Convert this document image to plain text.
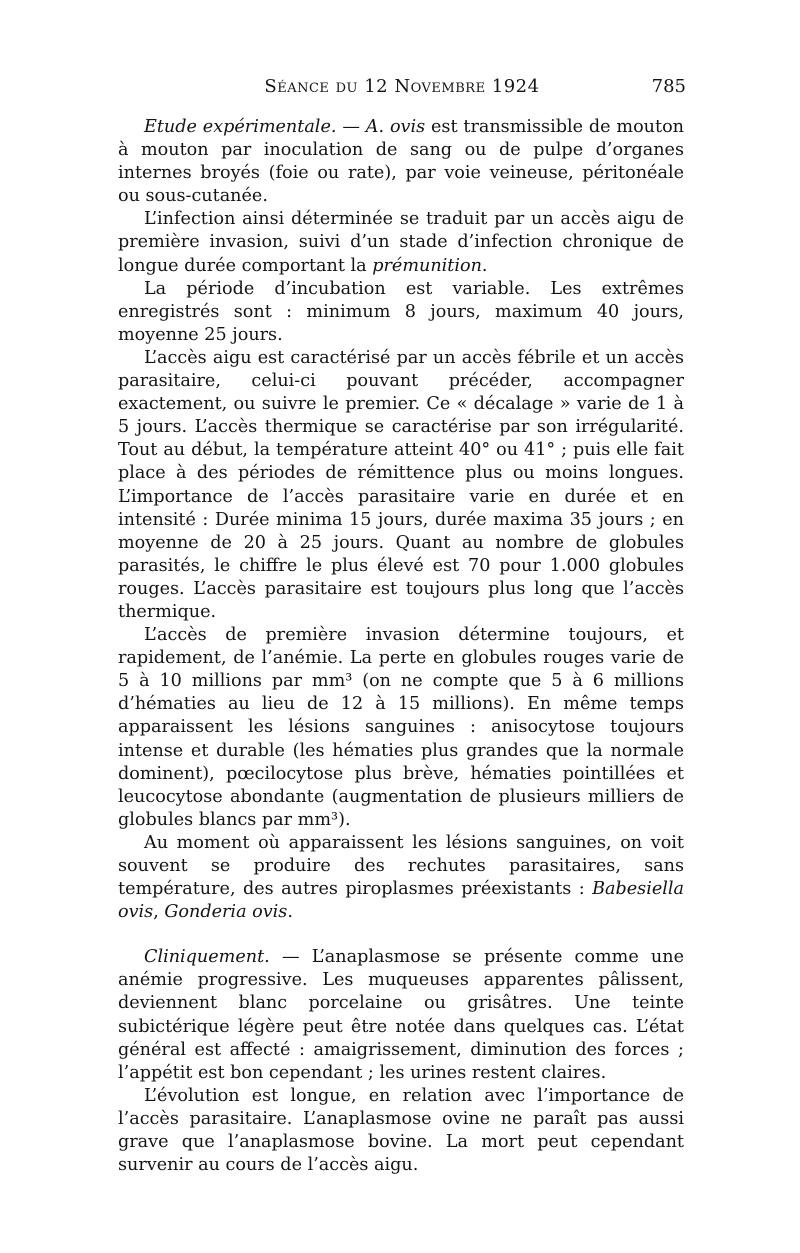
Séance du 12 Novembre 1924	785

Etude expérimentale. — A. ovis est transmissible de mouton à mouton par inoculation de sang ou de pulpe d’organes internes broyés (foie ou rate), par voie veineuse, péritonéale ou sous-cutanée.

L’infection ainsi déterminée se traduit par un accès aigu de première invasion, suivi d’un stade d’infection chronique de longue durée comportant la prémunition.

La période d’incubation est variable. Les extrêmes enregistrés sont : minimum 8 jours, maximum 40 jours, moyenne 25 jours.

L’accès aigu est caractérisé par un accès fébrile et un accès parasitaire, celui-ci pouvant précéder, accompagner exactement, ou suivre le premier. Ce « décalage » varie de 1 à 5 jours. L’accès thermique se caractérise par son irrégularité. Tout au début, la température atteint 40° ou 41° ; puis elle fait place à des périodes de rémittence plus ou moins longues. L’importance de l’accès parasitaire varie en durée et en intensité : Durée minima 15 jours, durée maxima 35 jours ; en moyenne de 20 à 25 jours. Quant au nombre de globules parasités, le chiffre le plus élevé est 70 pour 1.000 globules rouges. L’accès parasitaire est toujours plus long que l’accès thermique.

L’accès de première invasion détermine toujours, et rapidement, de l’anémie. La perte en globules rouges varie de 5 à 10 millions par mm³ (on ne compte que 5 à 6 millions d’hématies au lieu de 12 à 15 millions). En même temps apparaissent les lésions sanguines : anisocytose toujours intense et durable (les hématies plus grandes que la normale dominent), pœcilocytose plus brève, hématies pointillées et leucocytose abondante (augmentation de plusieurs milliers de globules blancs par mm³).

Au moment où apparaissent les lésions sanguines, on voit souvent se produire des rechutes parasitaires, sans température, des autres piroplasmes préexistants : Babesiella ovis, Gonderia ovis.

Cliniquement. — L’anaplasmose se présente comme une anémie progressive. Les muqueuses apparentes pâlissent, deviennent blanc porcelaine ou grisâtres. Une teinte subictérique légère peut être notée dans quelques cas. L’état général est affecté : amaigrissement, diminution des forces ; l’appétit est bon cependant ; les urines restent claires.

L’évolution est longue, en relation avec l’importance de l’accès parasitaire. L’anaplasmose ovine ne paraît pas aussi grave que l’anaplasmose bovine. La mort peut cependant survenir au cours de l’accès aigu.
